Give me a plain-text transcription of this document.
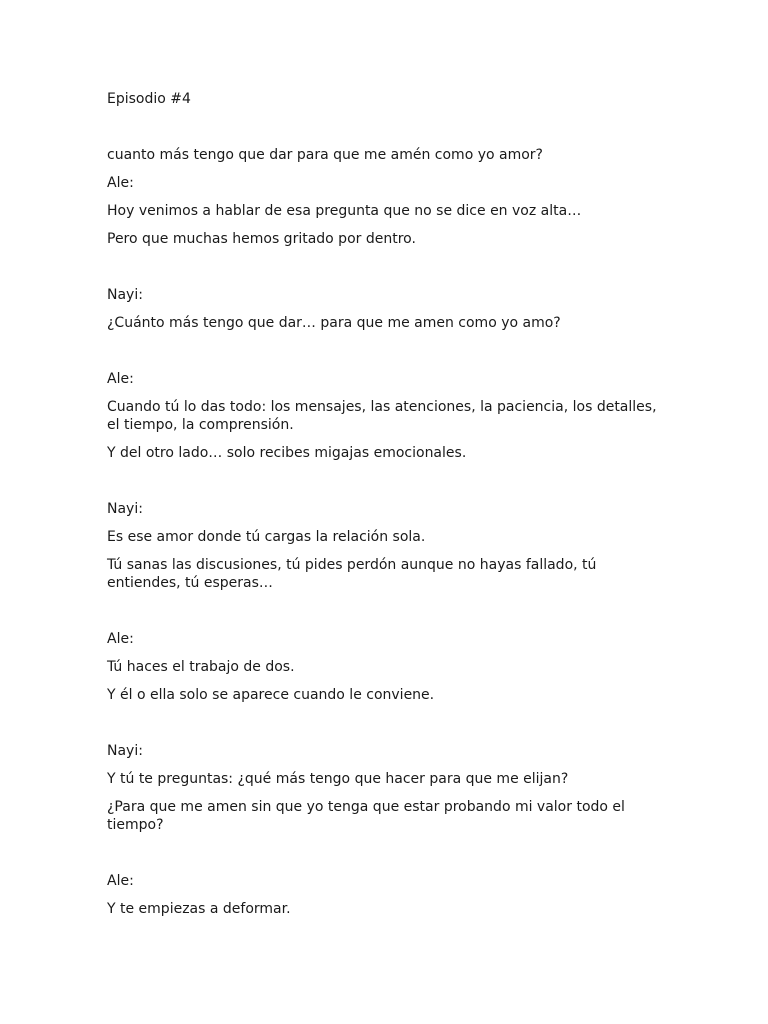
Episodio #4

cuanto más tengo que dar para que me amén como yo amor?

Ale:

Hoy venimos a hablar de esa pregunta que no se dice en voz alta…

Pero que muchas hemos gritado por dentro.

Nayi:

¿Cuánto más tengo que dar… para que me amen como yo amo?

Ale:

Cuando tú lo das todo: los mensajes, las atenciones, la paciencia, los detalles, el tiempo, la comprensión.

Y del otro lado… solo recibes migajas emocionales.

Nayi:

Es ese amor donde tú cargas la relación sola.

Tú sanas las discusiones, tú pides perdón aunque no hayas fallado, tú entiendes, tú esperas…

Ale:

Tú haces el trabajo de dos.

Y él o ella solo se aparece cuando le conviene.

Nayi:

Y tú te preguntas: ¿qué más tengo que hacer para que me elijan?

¿Para que me amen sin que yo tenga que estar probando mi valor todo el tiempo?

Ale:

Y te empiezas a deformar.
